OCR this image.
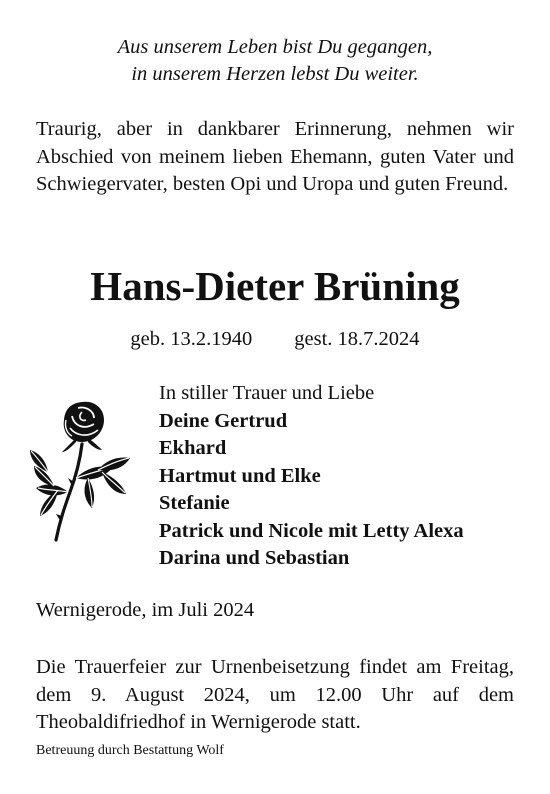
Aus unserem Leben bist Du gegangen,
in unserem Herzen lebst Du weiter.
Traurig, aber in dankbarer Erinnerung, nehmen wir Abschied von meinem lieben Ehemann, guten Vater und Schwiegervater, besten Opi und Uropa und guten Freund.
Hans-Dieter Brüning
geb. 13.2.1940 gest. 18.7.2024
In stiller Trauer und Liebe
Deine Gertrud
Ekhard
Hartmut und Elke
Stefanie
Patrick und Nicole mit Letty Alexa
Darina und Sebastian
Wernigerode, im Juli 2024
Die Trauerfeier zur Urnenbeisetzung findet am Freitag, dem 9. August 2024, um 12.00 Uhr auf dem Theobaldifriedhof in Wernigerode statt.
Betreuung durch Bestattung Wolf
